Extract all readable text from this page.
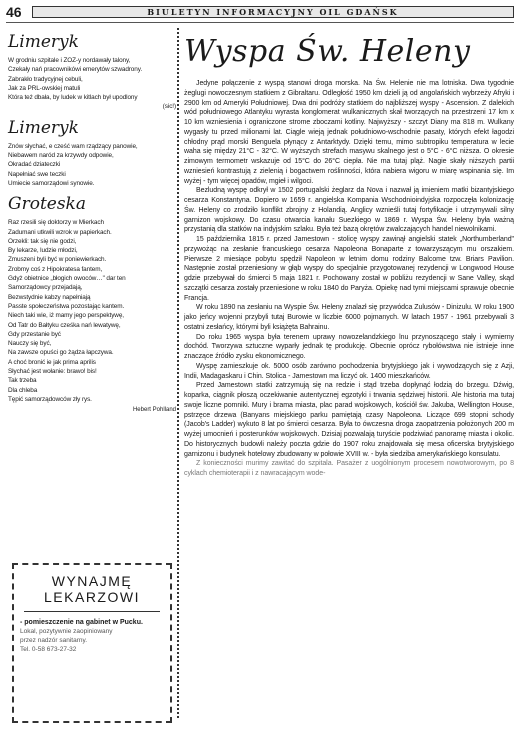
46	BIULETYN INFORMACYJNY OIL GDAŃSK
Limeryk
W grodniu szpitale i ZOZ-y nordawały talony,
Czekały nań pracownikówi emerytów szwadrony.
Zabrakło tradycyjnej cebuli,
Jak za PRL-owskiej matuli
Która też dbała, by ludek w kitlach był upodlony
(sic!)
Limeryk
Znów słychać, e cześć wam rządzący panowie,
Niebawem naród za krzywdy odpowie,
Okradać dziateczki
Napełniać swe teczki
Umiecie samorządowi synowie.
Groteska
Raz rzesili się doktorzy w Mierkach
Zadumani utkwili wzrok w papierkach.
Orzekli: tak się nie godzi,
By lekarze, ludzie młodzi,
Zmuszeni byli być w poniewierkach.
Zrobmy coś z Hipokratesa fantem,
Gdyż obietnice „błogich owoców…" dar ten
Samorządowcy przejadają,
Bezwstydnie kabzy napełniają
Passte społeczeństwa pozostając kantem.
Niech taki wie, iż mamy jego perspektywę,
Od Tatr do Bałtyku cześka nań lewatywę,
Gdy przestanie być
Nauczy się być,
Na zawsze opuści go żądza łapczywa.
A choć bronić ie jak prima aprilis
Słychać jest wołanie: brawo! bis!
Tak trzeba
Dla chleba
Tępić samorządowców zły rys.
Hebert Pohlland
WYNAJMĘ
LEKARZOWI
- pomieszczenie na gabinet w Pucku.
Lokal, pozytywnie zaopiniowany
przez nadzór sanitarny.
Tel. 0-58 673-27-32
Wyspa Św. Heleny

Jedyne połączenie z wyspą stanowi droga morska. Na Św. Helenie nie ma lotniska. Dwa tygodnie żeglugi nowoczesnym statkiem z Gibraltaru. Odległość 1950 km dzieli ją od angolańskich wybrzeży Afryki i 2900 km od Ameryki Południowej. Dwa dni podróży statkiem do najbliższej wyspy - Ascension. Z dalekich wód południowego Atlantyku wyrasta konglomerat wulkanicznych skał tworzących na przestrzeni 17 km x 10 km wzniesienia i ograniczone strome zboczami kotliny. Najwyższy - szczyt Diany ma 818 m. Wulkany wygasły tu przed milionami lat. Ciągle wieją jednak południowo-wschodnie pasaty, których efekt łagodzi chłodny prąd morski Benguela płynący z Antarktydy. Dzięki temu, mimo subtropiku temperatura w lecie waha się między 21°C - 32°C. W wyższych strefach masywu skalnego jest o 5°C - 6°C niższa. O okresie zimowym termometr wskazuje od 15°C do 26°C ciepła. Nie ma tutaj pląż. Nagie skały niższych partii wzniesień kontrastują z zielenią i bogactwem roślinności, która nabiera wigoru w miarę wspinania się. Im wyżej - tym więcej opadów, mgieł i wilgoci.

Bezludną wyspę odkrył w 1502 portugalski żeglarz da Nova i nazwał ją imieniem matki bizantyjskiego cesarza Konstantyna. Dopiero w 1659 r. angielska Kompania Wschodnioindyjska rozpoczęła kolonizację Św. Heleny co zrodziło konflikt zbrojny z Holandią. Anglicy wznieśli tutaj fortyfikacje i utrzymywali silny garnizon wojskowy. Do czasu otwarcia kanału Suezkiego w 1869 r. Wyspa Św. Heleny była ważną przystanią dla statków na indyjskim szlaku. Była też bazą okrętów zwalczających handel niewolnikami.

15 października 1815 r. przed Jamestown - stolicę wyspy zawinął angielski statek „Northumberland" przywożąc na zesłanie francuskiego cesarza Napoleona Bonaparte z towarzyszącym mu orszakiem. Pierwsze 2 miesiące pobytu spędził Napoleon w letnim domu rodziny Balcome tzw. Briars Pavilion. Następnie został przeniesiony w głąb wyspy do specjalnie przygotowanej rezydencji w Longwood House gdzie przebywał do śmierci 5 maja 1821 r. Pochowany został w pobliżu rezydencji w Sane Valley, skąd szczątki cesarza zostały przeniesione w roku 1840 do Paryża. Opiekę nad tymi miejscami sprawuje obecnie Francja.

W roku 1890 na zesłaniu na Wyspie Św. Heleny znalazł się przywódca Zulusów - Dinizulu. W roku 1900 jako jeńcy wojenni przybyli tutaj Burowie w liczbie 6000 pojmanych. W latach 1957 - 1961 przebywali 3 ostatni zesłańcy, którymi byli książęta Bahrainu.

Do roku 1965 wyspa była terenem uprawy nowozelandzkiego lnu przynoszącego stały i wymierny dochód. Tworzywa sztuczne wyparły jednak tę produkcję. Obecnie oprócz rybołówstwa nie istnieje inne znaczące źródło zysku ekonomicznego.

Wyspę zamieszkuje ok. 5000 osób zarówno pochodzenia brytyjskiego jak i wywodzących się z Azji, Indii, Madagaskaru i Chin. Stolica - Jamestown ma liczyć ok. 1400 mieszkańców.

Przed Jamestown statki zatrzymują się na redzie i stąd trzeba dopłynąć łodzią do brzegu. Dźwig, koparka, ciągnik płoszą oczekiwanie autentycznej egzotyki i trwania sędziwej historii. Ale historia ma tutaj swoje liczne pomniki. Mury i brama miasta, plac parad wojskowych, kościół św. Jakuba, Wellington House, pstrzęce drzewa (Banyans miejskiego parku pamiętają czasy Napoleona. Liczące 699 stopni schody (Jacob's Ladder) wykuto 8 lat po śmierci cesarza. Była to ówczesna droga zaopatrzenia położonych 200 m wyżej umocnień i posterunków wojskowych. Dzisiaj pozwalają turyście podziwiać panoramę miasta i okolic. Do historycznych budowli należy poczta gdzie do 1907 roku znajdowała się mesa oficerska brytyjskiego garnizonu i budynek hotelowy zbudowany w połowie XVIII w. - była siedziba amerykańskiego konsulatu.

Z konieczności murimy zawitać do szpitala. Pasażer z uogólnionym procesem nowotworowym, po 8 cyklach chemioterapii i z nawracającym wode-
